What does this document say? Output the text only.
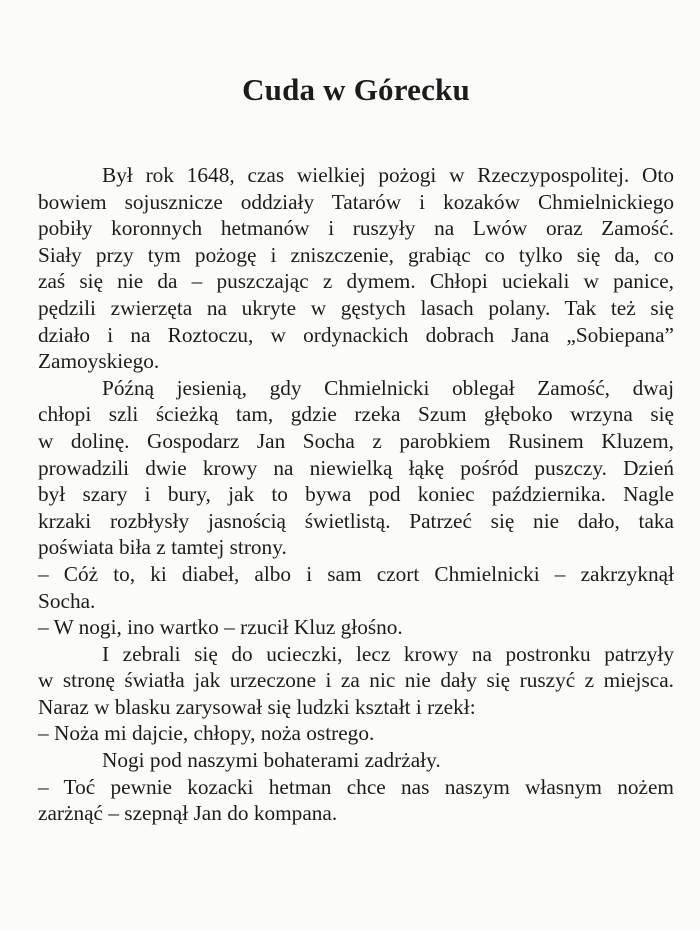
Cuda w Górecku
Był rok 1648, czas wielkiej pożogi w Rzeczypospolitej. Oto
bowiem sojusznicze oddziały Tatarów i kozaków Chmielnickiego
pobiły koronnych hetmanów i ruszyły na Lwów oraz Zamość.
Siały przy tym pożogę i zniszczenie, grabiąc co tylko się da, co
zaś się nie da – puszczając z dymem. Chłopi uciekali w panice,
pędzili zwierzęta na ukryte w gęstych lasach polany. Tak też się
działo i na Roztoczu, w ordynackich dobrach Jana „Sobiepana”
Zamoyskiego.
Późną jesienią, gdy Chmielnicki oblegał Zamość, dwaj
chłopi szli ścieżką tam, gdzie rzeka Szum głęboko wrzyna się
w dolinę. Gospodarz Jan Socha z parobkiem Rusinem Kluzem,
prowadzili dwie krowy na niewielką łąkę pośród puszczy. Dzień
był szary i bury, jak to bywa pod koniec października. Nagle
krzaki rozbłysły jasnością świetlistą. Patrzeć się nie dało, taka
poświata biła z tamtej strony.
– Cóż to, ki diabeł, albo i sam czort Chmielnicki – zakrzyknął
Socha.
– W nogi, ino wartko – rzucił Kluz głośno.
I zebrali się do ucieczki, lecz krowy na postronku patrzyły
w stronę światła jak urzeczone i za nic nie dały się ruszyć z miejsca.
Naraz w blasku zarysował się ludzki kształt i rzekł:
– Noża mi dajcie, chłopy, noża ostrego.
Nogi pod naszymi bohaterami zadrżały.
– Toć pewnie kozacki hetman chce nas naszym własnym nożem
zarżnąć – szepnął Jan do kompana.
